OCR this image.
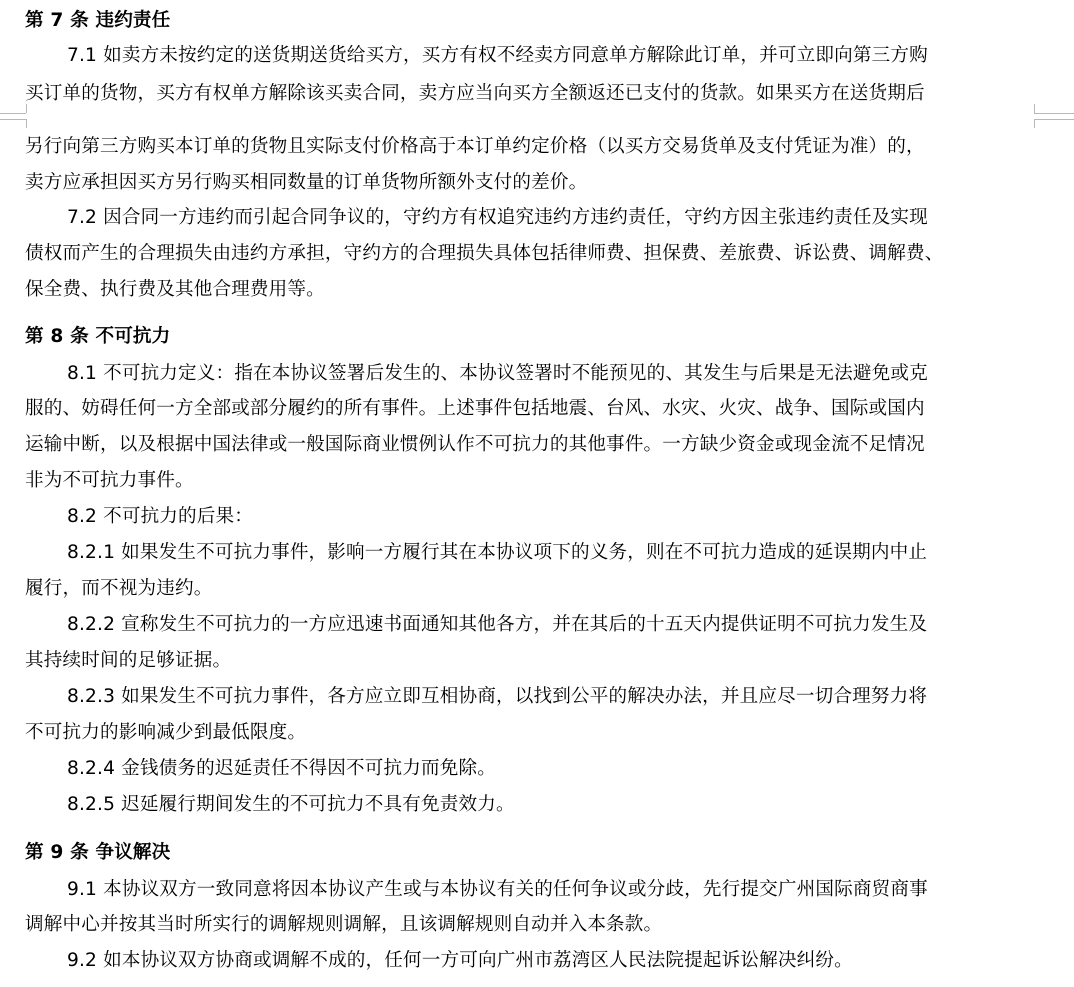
第 7 条 违约责任
7.1 如卖方未按约定的送货期送货给买方，买方有权不经卖方同意单方解除此订单，并可立即向第三方购
买订单的货物，买方有权单方解除该买卖合同，卖方应当向买方全额返还已支付的货款。如果买方在送货期后
另行向第三方购买本订单的货物且实际支付价格高于本订单约定价格（以买方交易货单及支付凭证为准）的，
卖方应承担因买方另行购买相同数量的订单货物所额外支付的差价。
7.2 因合同一方违约而引起合同争议的，守约方有权追究违约方违约责任，守约方因主张违约责任及实现
债权而产生的合理损失由违约方承担，守约方的合理损失具体包括律师费、担保费、差旅费、诉讼费、调解费、
保全费、执行费及其他合理费用等。
第 8 条 不可抗力
8.1 不可抗力定义：指在本协议签署后发生的、本协议签署时不能预见的、其发生与后果是无法避免或克
服的、妨碍任何一方全部或部分履约的所有事件。上述事件包括地震、台风、水灾、火灾、战争、国际或国内
运输中断，以及根据中国法律或一般国际商业惯例认作不可抗力的其他事件。一方缺少资金或现金流不足情况
非为不可抗力事件。
8.2 不可抗力的后果：
8.2.1 如果发生不可抗力事件，影响一方履行其在本协议项下的义务，则在不可抗力造成的延误期内中止
履行，而不视为违约。
8.2.2 宣称发生不可抗力的一方应迅速书面通知其他各方，并在其后的十五天内提供证明不可抗力发生及
其持续时间的足够证据。
8.2.3 如果发生不可抗力事件，各方应立即互相协商，以找到公平的解决办法，并且应尽一切合理努力将
不可抗力的影响减少到最低限度。
8.2.4 金钱债务的迟延责任不得因不可抗力而免除。
8.2.5 迟延履行期间发生的不可抗力不具有免责效力。
第 9 条 争议解决
9.1 本协议双方一致同意将因本协议产生或与本协议有关的任何争议或分歧，先行提交广州国际商贸商事
调解中心并按其当时所实行的调解规则调解，且该调解规则自动并入本条款。
9.2 如本协议双方协商或调解不成的，任何一方可向广州市荔湾区人民法院提起诉讼解决纠纷。
